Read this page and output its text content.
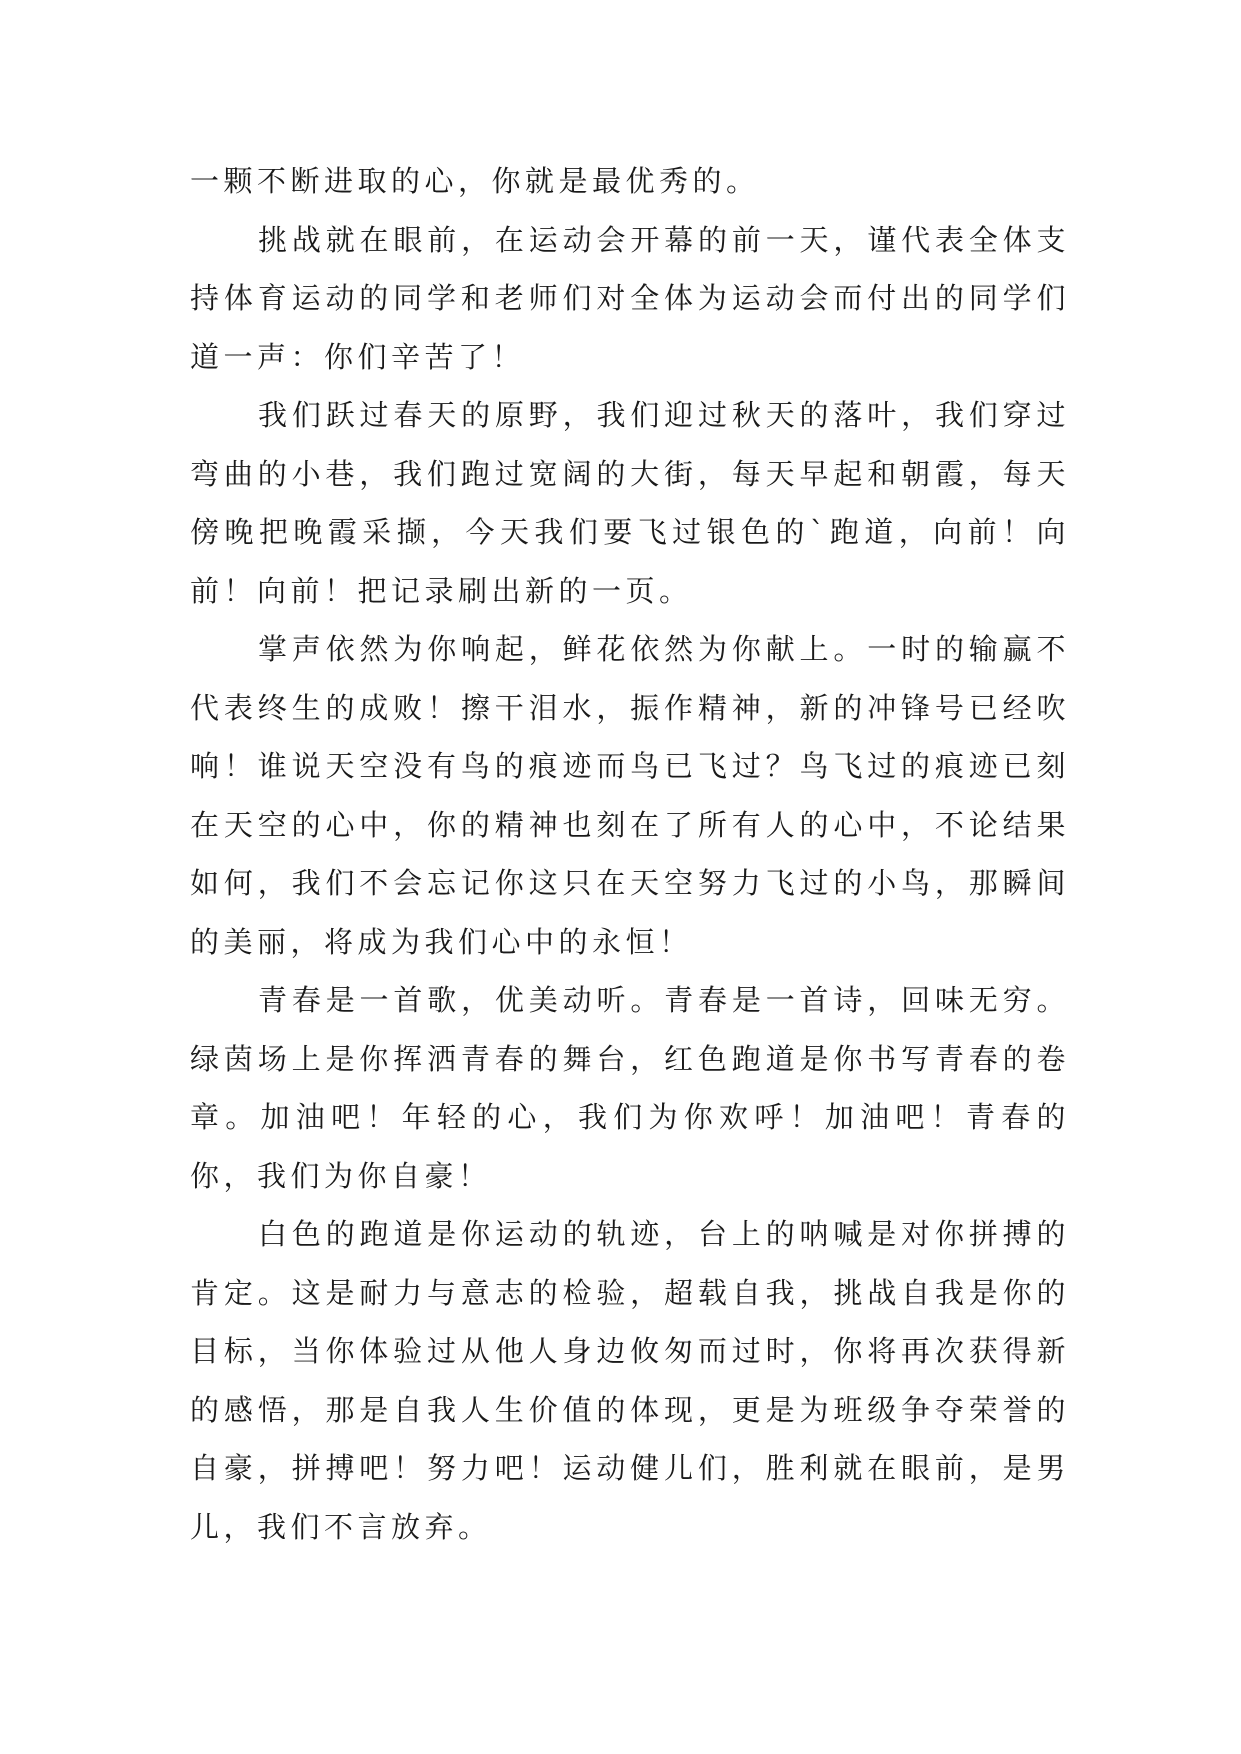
一颗不断进取的心，你就是最优秀的。

挑战就在眼前，在运动会开幕的前一天，谨代表全体支持体育运动的同学和老师们对全体为运动会而付出的同学们道一声：你们辛苦了！

我们跃过春天的原野，我们迎过秋天的落叶，我们穿过弯曲的小巷，我们跑过宽阔的大街，每天早起和朝霞，每天傍晚把晚霞采撷，今天我们要飞过银色的`跑道，向前！向前！向前！把记录刷出新的一页。

掌声依然为你响起，鲜花依然为你献上。一时的输赢不代表终生的成败！擦干泪水，振作精神，新的冲锋号已经吹响！谁说天空没有鸟的痕迹而鸟已飞过？鸟飞过的痕迹已刻在天空的心中，你的精神也刻在了所有人的心中，不论结果如何，我们不会忘记你这只在天空努力飞过的小鸟，那瞬间的美丽，将成为我们心中的永恒！

青春是一首歌，优美动听。青春是一首诗，回味无穷。绿茵场上是你挥洒青春的舞台，红色跑道是你书写青春的卷章。加油吧！年轻的心，我们为你欢呼！加油吧！青春的你，我们为你自豪！

白色的跑道是你运动的轨迹，台上的呐喊是对你拼搏的肯定。这是耐力与意志的检验，超载自我，挑战自我是你的目标，当你体验过从他人身边攸匆而过时，你将再次获得新的感悟，那是自我人生价值的体现，更是为班级争夺荣誉的自豪，拼搏吧！努力吧！运动健儿们，胜利就在眼前，是男儿，我们不言放弃。
